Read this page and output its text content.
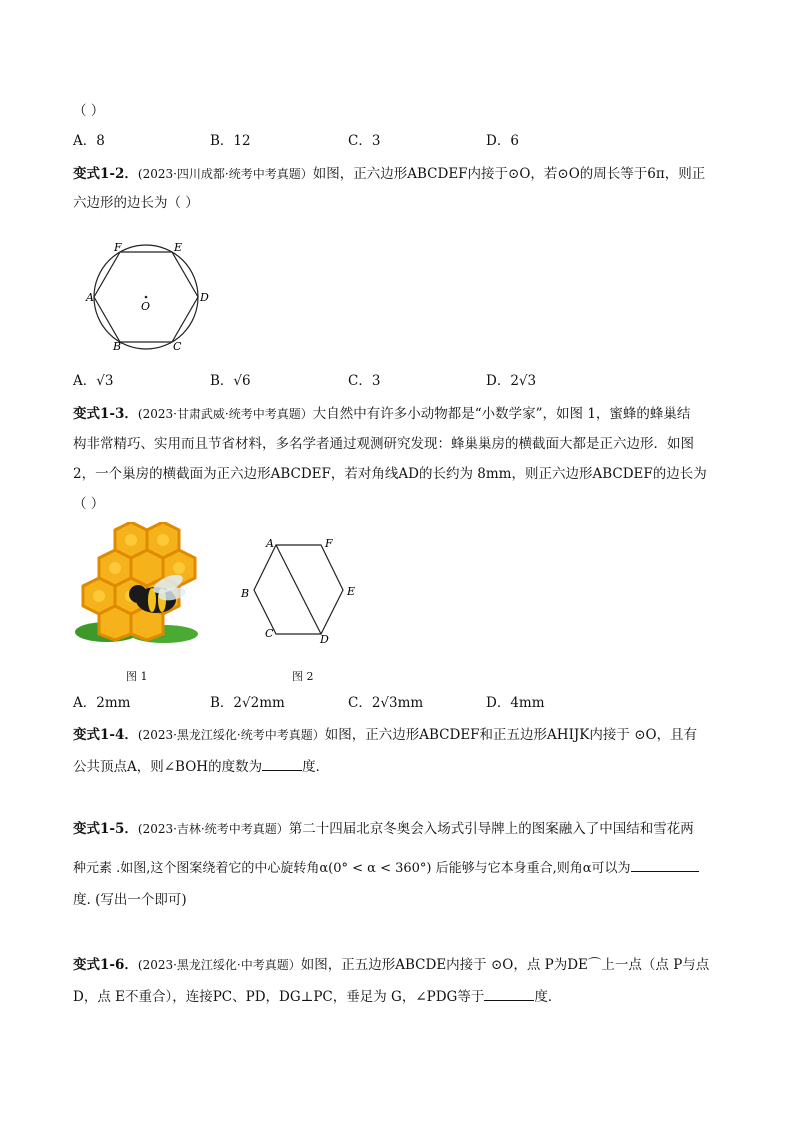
（ ）
A．8	B．12	C．3	D．6
变式1-2．(2023·四川成都·统考中考真题）如图，正六边形ABCDEF内接于⊙O，若⊙O的周长等于6π，则正
六边形的边长为（ ）
F	E
A
O
D
B	C
A．√3	B．√6	C．3	D．2√3
变式1-3．(2023·甘肃武威·统考中考真题）大自然中有许多小动物都是“小数学家”，如图 1，蜜蜂的蜂巢结
构非常精巧、实用而且节省材料，多名学者通过观测研究发现：蜂巢巢房的横截面大都是正六边形．如图
2，一个巢房的横截面为正六边形ABCDEF，若对角线AD的长约为 8mm，则正六边形ABCDEF的边长为
（ ）
图 1
A	F
B	E
C	D
图 2
A．2mm	B．2√2mm	C．2√3mm	D．4mm
变式1-4．(2023·黑龙江绥化·统考中考真题）如图，正六边形ABCDEF和正五边形AHIJK内接于 ⊙O，且有
公共顶点A，则∠BOH的度数为	度．
变式1-5．(2023·吉林·统考中考真题）第二十四届北京冬奥会入场式引导牌上的图案融入了中国结和雪花两
种元素 .如图,这个图案绕着它的中心旋转角α(0° < α < 360°) 后能够与它本身重合,则角α可以为
度. (写出一个即可)
变式1-6．(2023·黑龙江绥化·中考真题）如图，正五边形ABCDE内接于 ⊙O，点 P为DE⌒上一点（点 P与点
D，点 E不重合），连接PC、PD，DG⊥PC，垂足为 G，∠PDG等于	度．
